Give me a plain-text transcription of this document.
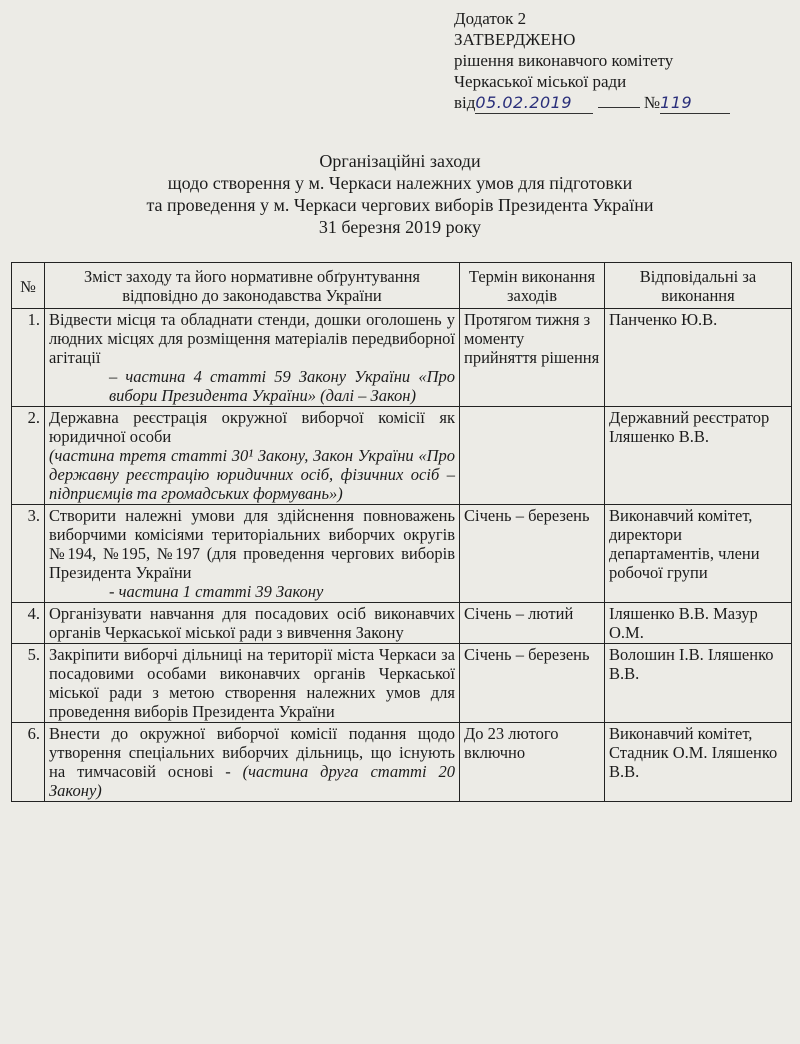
Додаток 2
ЗАТВЕРДЖЕНО
рішення виконавчого комітету
Черкаської міської ради
від05.02.2019	№119
Організаційні заходи
щодо створення у м. Черкаси належних умов для підготовки
та проведення у м. Черкаси чергових виборів Президента України
31 березня 2019 року
№	Зміст заходу та його нормативне обґрунтування відповідно до законодавства України	Термін виконання заходів	Відповідальні за виконання
1.	Відвести місця та обладнати стенди, дошки оголошень у людних місцях для розміщення матеріалів передвиборної агітації
– частина 4 статті 59 Закону України «Про вибори Президента України» (далі – Закон)	Протягом тижня з моменту прийняття рішення	Панченко Ю.В.
2.	Державна реєстрація окружної виборчої комісії як юридичної особи
(частина третя статті 30¹ Закону, Закон України «Про державну реєстрацію юридичних осіб, фізичних осіб –підприємців та громадських формувань»)		Державний реєстратор Іляшенко В.В.
3.	Створити належні умови для здійснення повноважень виборчими комісіями територіальних виборчих округів №194, №195, №197 (для проведення чергових виборів Президента України
- частина 1 статті 39 Закону	Січень – березень	Виконавчий комітет, директори департаментів, члени робочої групи
4.	Організувати навчання для посадових осіб виконавчих органів Черкаської міської ради з вивчення Закону	Січень – лютий	Іляшенко В.В. Мазур О.М.
5.	Закріпити виборчі дільниці на території міста Черкаси за посадовими особами виконавчих органів Черкаської міської ради з метою створення належних умов для проведення виборів Президента України	Січень – березень	Волошин І.В. Іляшенко В.В.
6.	Внести до окружної виборчої комісії подання щодо утворення спеціальних виборчих дільниць, що існують на тимчасовій основі - (частина друга статті 20 Закону)	До 23 лютого включно	Виконавчий комітет, Стадник О.М. Іляшенко В.В.
